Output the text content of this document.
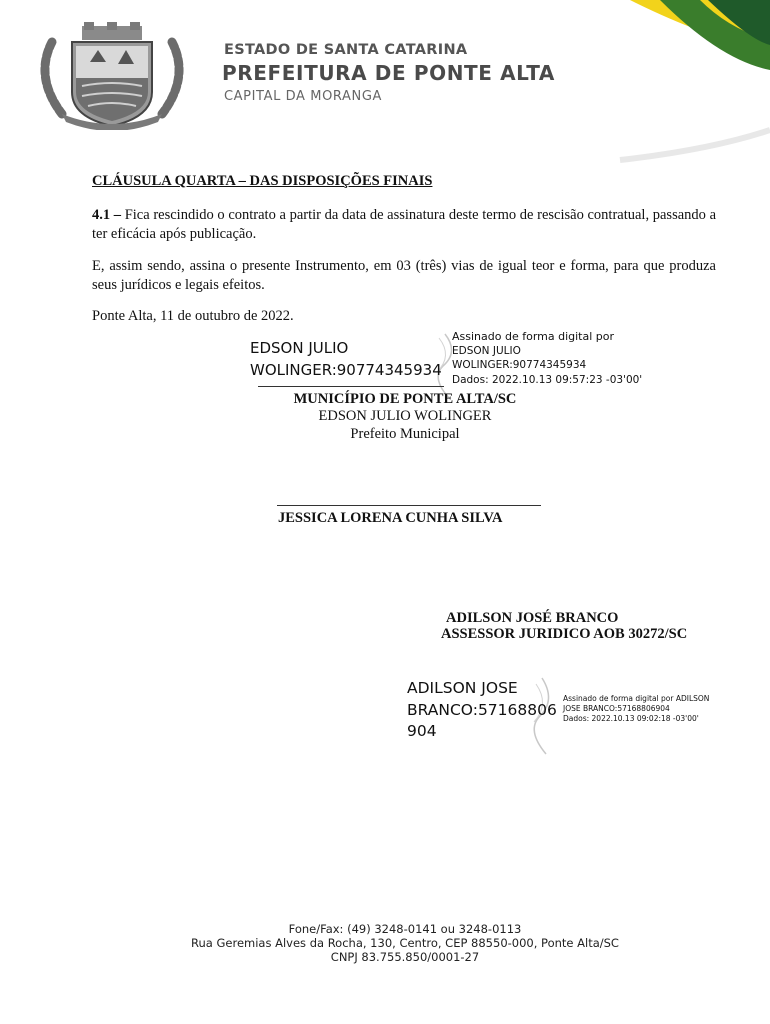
ESTADO DE SANTA CATARINA
PREFEITURA DE PONTE ALTA
CAPITAL DA MORANGA
CLÁUSULA QUARTA – DAS DISPOSIÇÕES FINAIS
4.1 – Fica rescindido o contrato a partir da data de assinatura deste termo de rescisão contratual, passando a ter eficácia após publicação.
E, assim sendo, assina o presente Instrumento, em 03 (três) vias de igual teor e forma, para que produza seus jurídicos e legais efeitos.
Ponte Alta, 11 de outubro de 2022.
EDSON JULIO
WOLINGER:90774345934
Assinado de forma digital por
EDSON JULIO
WOLINGER:90774345934
Dados: 2022.10.13 09:57:23 -03'00'
MUNICÍPIO DE PONTE ALTA/SC
EDSON JULIO WOLINGER
Prefeito Municipal
JESSICA LORENA CUNHA SILVA
ADILSON JOSÉ BRANCO
ASSESSOR JURIDICO AOB 30272/SC
ADILSON JOSE
BRANCO:57168806
904
Assinado de forma digital por ADILSON
JOSE BRANCO:57168806904
Dados: 2022.10.13 09:02:18 -03'00'
Fone/Fax: (49) 3248-0141 ou 3248-0113
Rua Geremias Alves da Rocha, 130, Centro, CEP 88550-000, Ponte Alta/SC
CNPJ 83.755.850/0001-27
